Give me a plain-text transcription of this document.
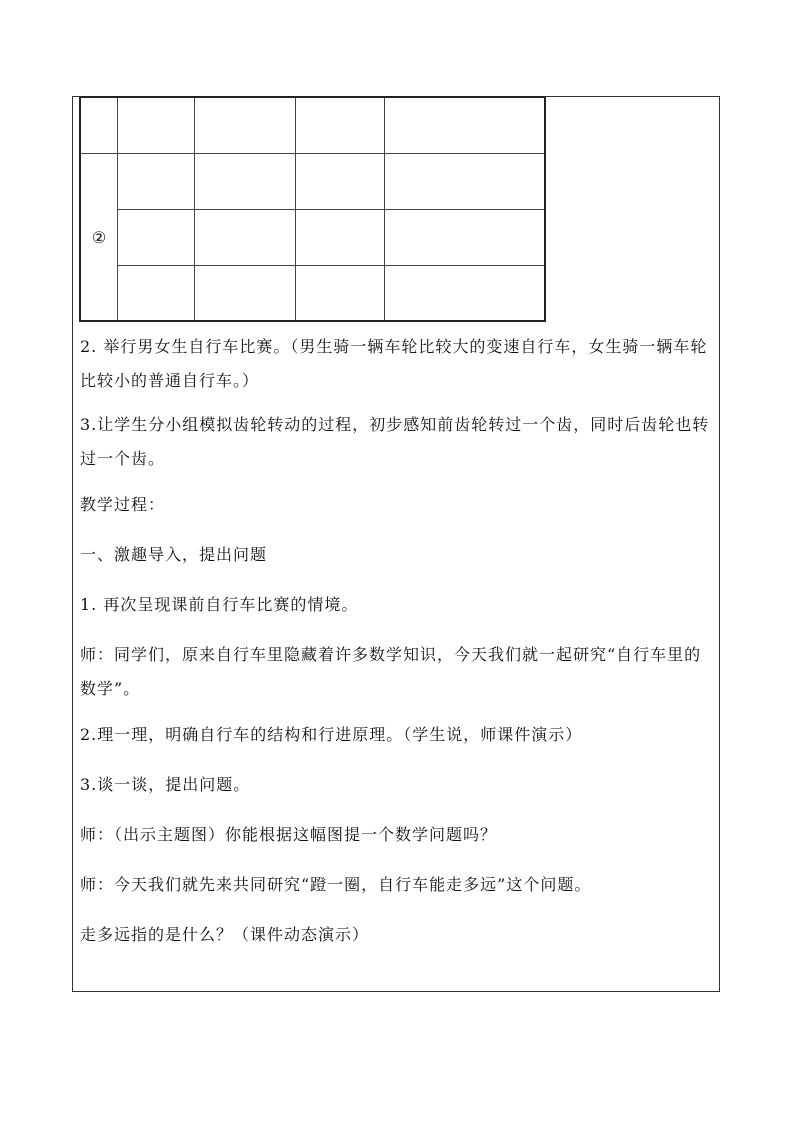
②				

2. 举行男女生自行车比赛。（男生骑一辆车轮比较大的变速自行车，女生骑一辆车轮比较小的普通自行车。）

3.让学生分小组模拟齿轮转动的过程，初步感知前齿轮转过一个齿，同时后齿轮也转过一个齿。

教学过程：

一、激趣导入，提出问题

1. 再次呈现课前自行车比赛的情境。

师：同学们，原来自行车里隐藏着许多数学知识，今天我们就一起研究“自行车里的数学”。

2.理一理，明确自行车的结构和行进原理。（学生说，师课件演示）

3.谈一谈，提出问题。

师：（出示主题图）你能根据这幅图提一个数学问题吗？

师：今天我们就先来共同研究“蹬一圈，自行车能走多远”这个问题。

走多远指的是什么？（课件动态演示）
